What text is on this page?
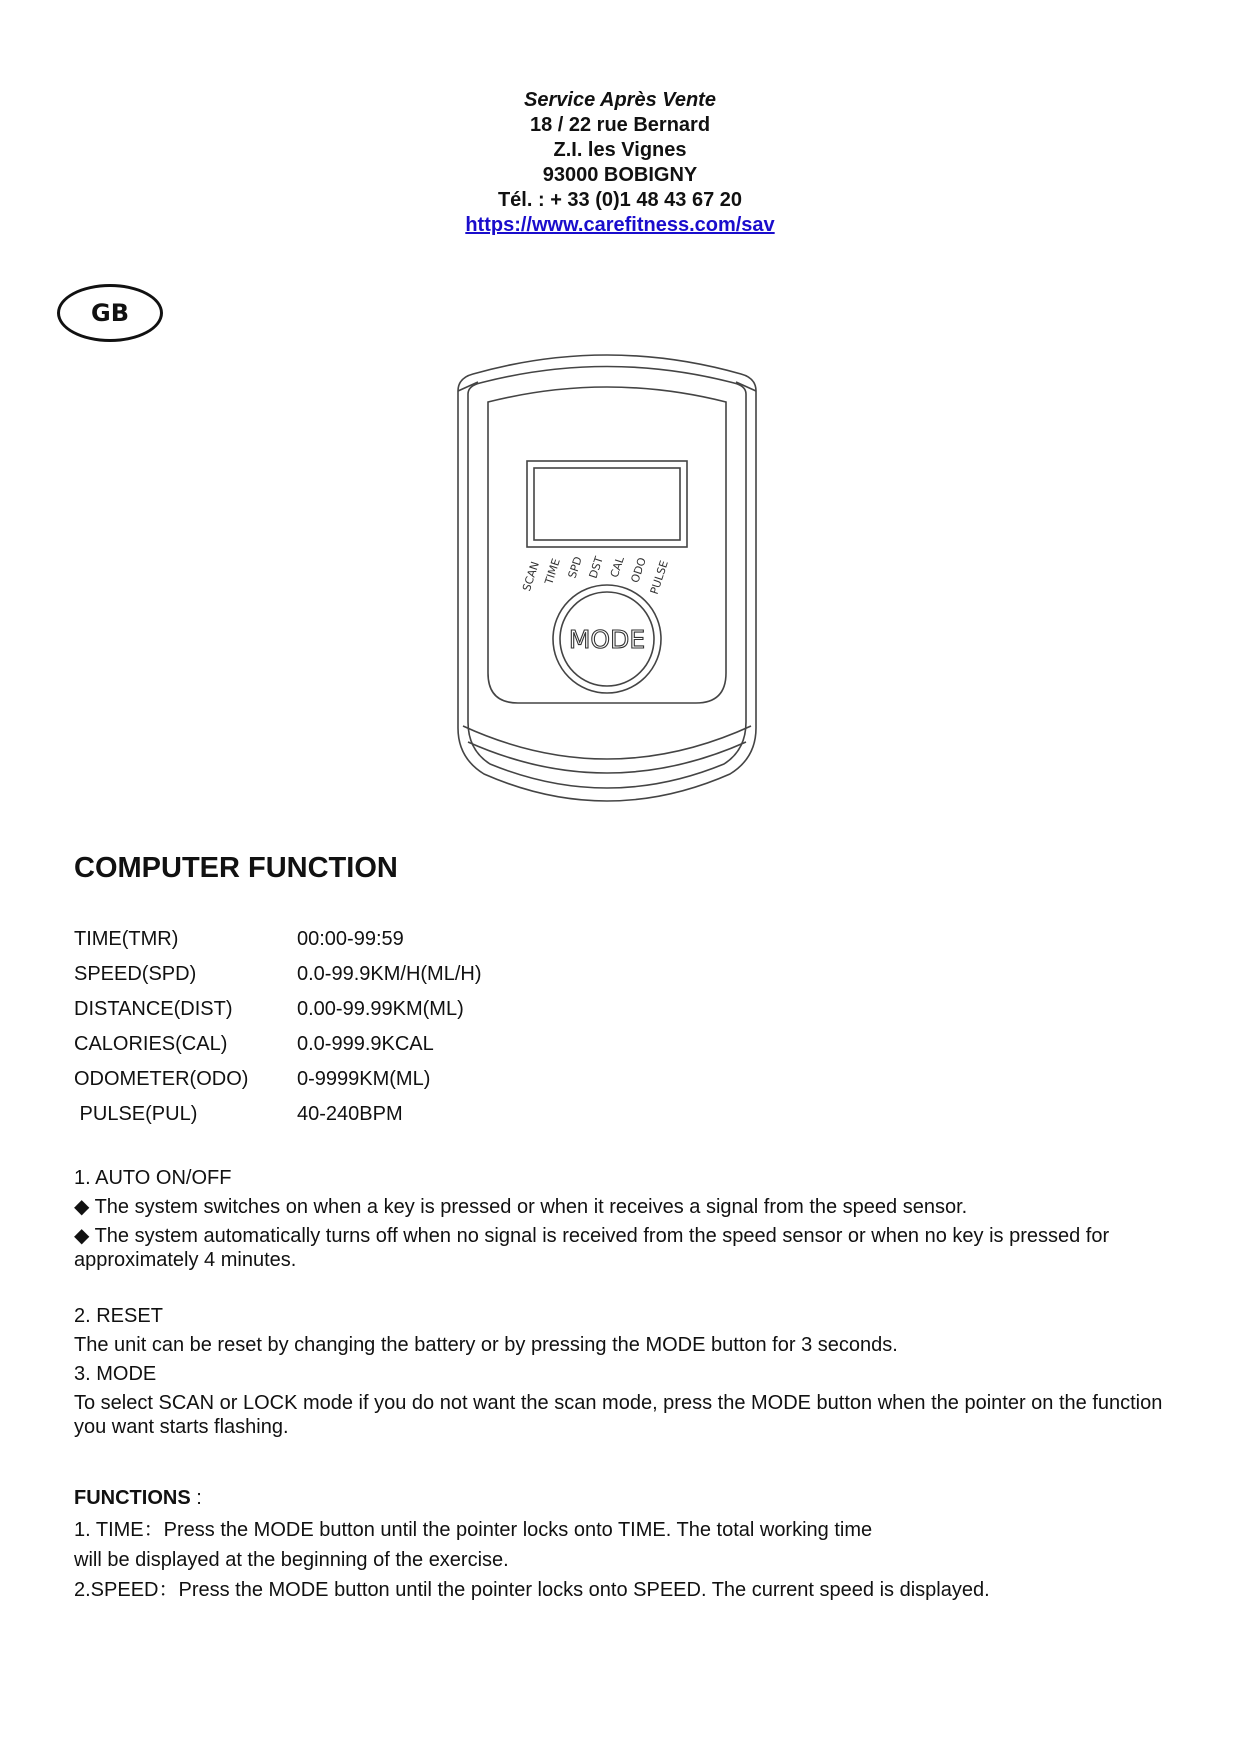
Service Après Vente
18 / 22 rue Bernard
Z.I. les Vignes
93000 BOBIGNY
Tél. : + 33 (0)1 48 43 67 20
https://www.carefitness.com/sav
GB
SCAN TIME SPD DST CAL ODO
PULSE
MODE
COMPUTER FUNCTION
TIME(TMR)	00:00-99:59
SPEED(SPD)	0.0-99.9KM/H(ML/H)
DISTANCE(DIST)	0.00-99.99KM(ML)
CALORIES(CAL)	0.0-999.9KCAL
ODOMETER(ODO) 0-9999KM(ML)
PULSE(PUL)	40-240BPM
1. AUTO ON/OFF
◆ The system switches on when a key is pressed or when it receives a signal from the speed sensor.
◆ The system automatically turns off when no signal is received from the speed sensor or when no key is pressed for approximately 4 minutes.
2. RESET
The unit can be reset by changing the battery or by pressing the MODE button for 3 seconds.
3. MODE
To select SCAN or LOCK mode if you do not want the scan mode, press the MODE button when the pointer on the function you want starts flashing.
FUNCTIONS :
1. TIME：Press the MODE button until the pointer locks onto TIME. The total working time
will be displayed at the beginning of the exercise.
2.SPEED：Press the MODE button until the pointer locks onto SPEED. The current speed is displayed.
